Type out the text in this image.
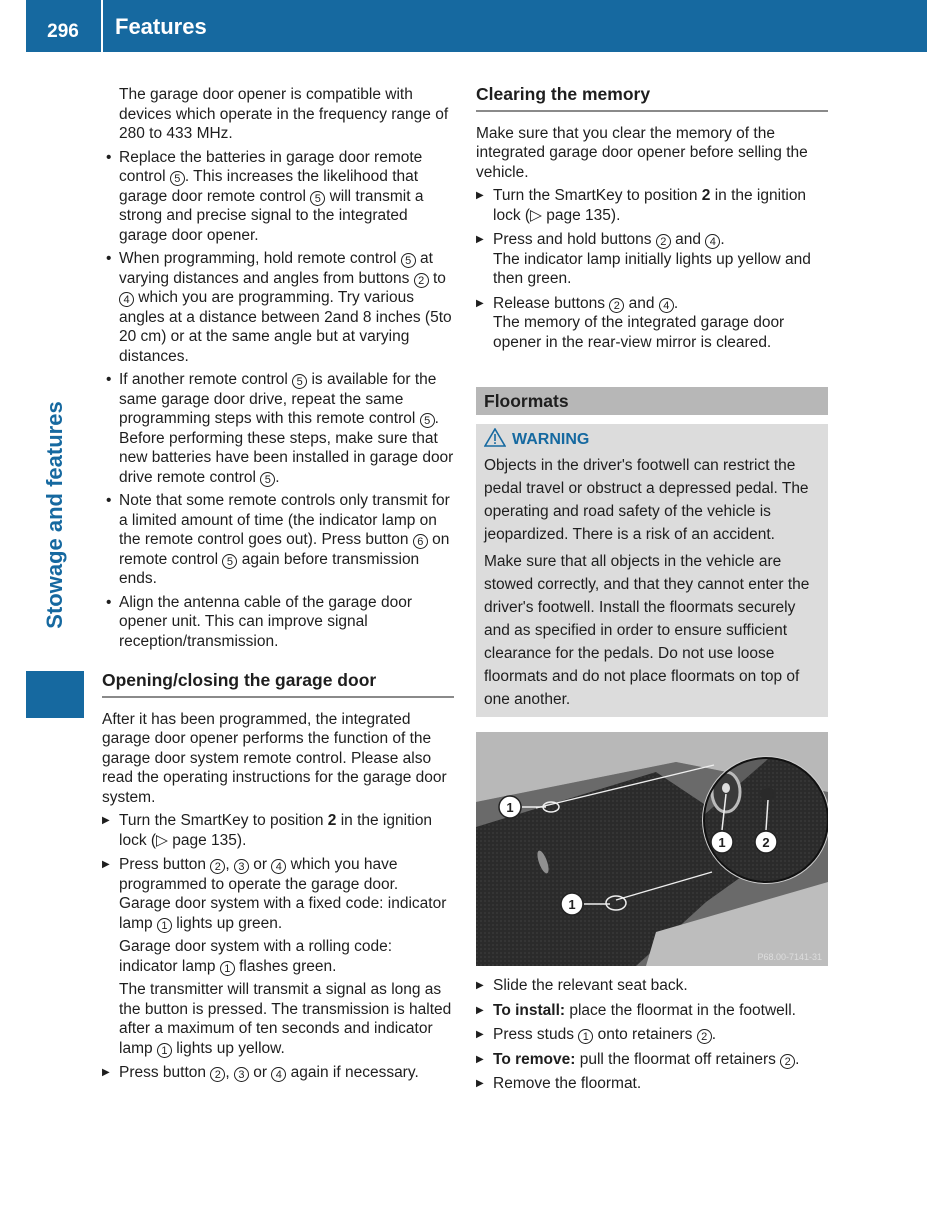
296	Features
Stowage and features

The garage door opener is compatible with devices which operate in the frequency range of 280 to 433 MHz.

• Replace the batteries in garage door remote control 5 . This increases the likelihood that garage door remote control 5 will transmit a strong and precise signal to the integrated garage door opener.
• When programming, hold remote control 5 at varying distances and angles from buttons 2 to 4 which you are programming. Try various angles at a distance between 2and 8 inches (5to 20 cm) or at the same angle but at varying distances.
• If another remote control 5 is available for the same garage door drive, repeat the same programming steps with this remote control 5 . Before performing these steps, make sure that new batteries have been installed in garage door drive remote control 5 .
• Note that some remote controls only transmit for a limited amount of time (the indicator lamp on the remote control goes out). Press button 6 on remote control 5 again before transmission ends.
• Align the antenna cable of the garage door opener unit. This can improve signal reception/transmission.
Opening/closing the garage door

After it has been programmed, the integrated garage door opener performs the function of the garage door system remote control. Please also read the operating instructions for the garage door system.

▶ Turn the SmartKey to position 2 in the ignition lock (▷ page 135).
▶ Press button 2 , 3 or 4 which you have programmed to operate the garage door. Garage door system with a fixed code: indicator lamp 1 lights up green.
Garage door system with a rolling code: indicator lamp 1 flashes green.
The transmitter will transmit a signal as long as the button is pressed. The transmission is halted after a maximum of ten seconds and indicator lamp 1 lights up yellow.
▶ Press button 2 , 3 or 4 again if necessary.
Clearing the memory

Make sure that you clear the memory of the integrated garage door opener before selling the vehicle.

▶ Turn the SmartKey to position 2 in the ignition lock (▷ page 135).
▶ Press and hold buttons 2 and 4 .
The indicator lamp initially lights up yellow and then green.
▶ Release buttons 2 and 4 .
The memory of the integrated garage door opener in the rear-view mirror is cleared.
Floormats
WARNING

Objects in the driver's footwell can restrict the pedal travel or obstruct a depressed pedal. The operating and road safety of the vehicle is jeopardized. There is a risk of an accident.

Make sure that all objects in the vehicle are stowed correctly, and that they cannot enter the driver's footwell. Install the floormats securely and as specified in order to ensure sufficient clearance for the pedals. Do not use loose floormats and do not place floormats on top of one another.

1
1
1	2
P68.00-7141-31
▶ Slide the relevant seat back.
▶ To install: place the floormat in the footwell.
▶ Press studs 1 onto retainers 2 .
▶ To remove: pull the floormat off retainers 2 .
▶ Remove the floormat.
